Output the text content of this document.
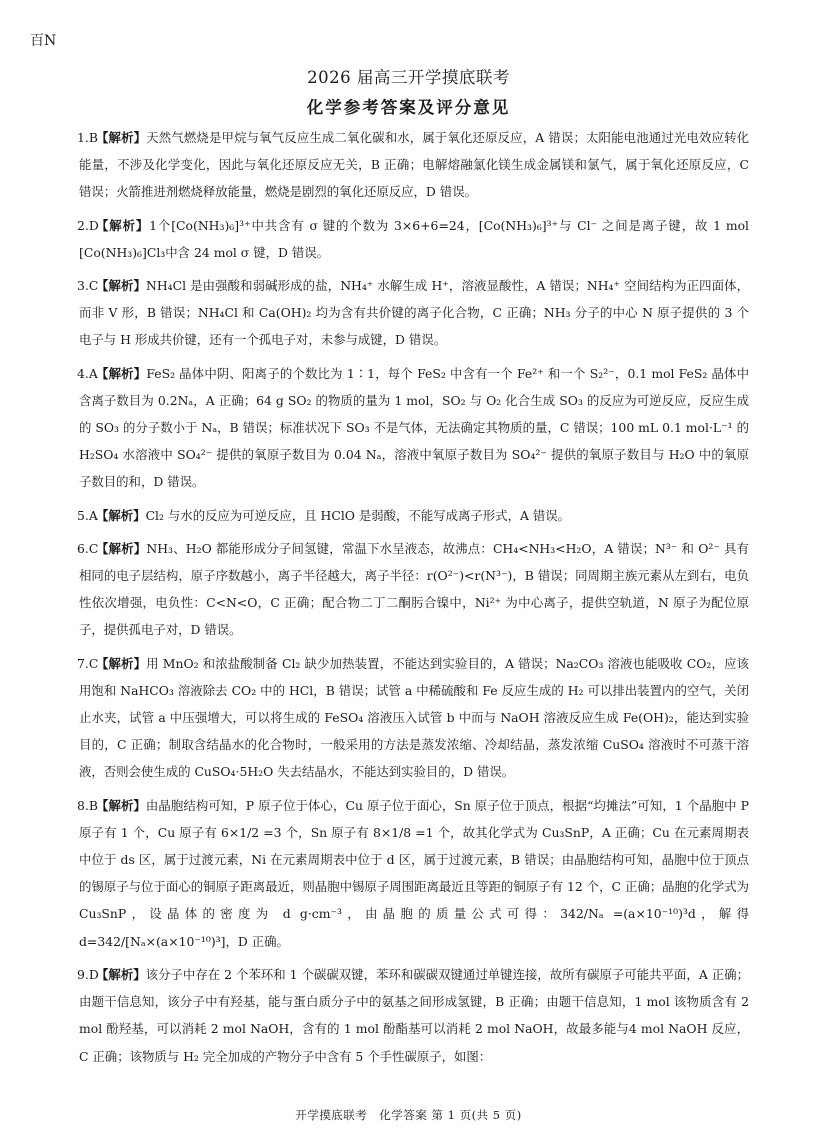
百N
2026 届高三开学摸底联考
化学参考答案及评分意见
1.B
【解析】天然气燃烧是甲烷与氧气反应生成二氧化碳和水，属于氧化还原反应，A 错误；太阳能电池通过光电效应转化能量，不涉及化学变化，因此与氧化还原反应无关，B 正确；电解熔融氯化镁生成金属镁和氯气，属于氧化还原反应，C 错误；火箭推进剂燃烧释放能量，燃烧是剧烈的氧化还原反应，D 错误。
2.D
【解析】1个[Co(NH₃)₆]³⁺中共含有 σ 键的个数为 3×6+6=24，[Co(NH₃)₆]³⁺与 Cl⁻ 之间是离子键，故 1 mol [Co(NH₃)₆]Cl₃中含 24 mol σ 键，D 错误。
3.C
【解析】NH₄Cl 是由强酸和弱碱形成的盐，NH₄⁺ 水解生成 H⁺，溶液显酸性，A 错误；NH₄⁺ 空间结构为正四面体，而非 V 形，B 错误；NH₄Cl 和 Ca(OH)₂ 均为含有共价键的离子化合物，C 正确；NH₃ 分子的中心 N 原子提供的 3 个电子与 H 形成共价键，还有一个孤电子对，未参与成键，D 错误。
4.A
【解析】FeS₂ 晶体中阴、阳离子的个数比为 1∶1，每个 FeS₂ 中含有一个 Fe²⁺ 和一个 S₂²⁻，0.1 mol FeS₂ 晶体中含离子数目为 0.2Nₐ，A 正确；64 g SO₂ 的物质的量为 1 mol，SO₂ 与 O₂ 化合生成 SO₃ 的反应为可逆反应，反应生成的 SO₃ 的分子数小于 Nₐ，B 错误；标准状况下 SO₃ 不是气体，无法确定其物质的量，C 错误；100 mL 0.1 mol·L⁻¹ 的 H₂SO₄ 水溶液中 SO₄²⁻ 提供的氧原子数目为 0.04 Nₐ，溶液中氧原子数目为 SO₄²⁻ 提供的氧原子数目与 H₂O 中的氧原子数目的和，D 错误。
5.A
【解析】Cl₂ 与水的反应为可逆反应，且 HClO 是弱酸，不能写成离子形式，A 错误。
6.C
【解析】NH₃、H₂O 都能形成分子间氢键，常温下水呈液态，故沸点：CH₄<NH₃<H₂O，A 错误；N³⁻ 和 O²⁻ 具有相同的电子层结构，原子序数越小，离子半径越大，离子半径：r(O²⁻)<r(N³⁻)，B 错误；同周期主族元素从左到右，电负性依次增强，电负性：C<N<O，C 正确；配合物二丁二酮肟合镍中，Ni²⁺ 为中心离子，提供空轨道，N 原子为配位原子，提供孤电子对，D 错误。
7.C
【解析】用 MnO₂ 和浓盐酸制备 Cl₂ 缺少加热装置，不能达到实验目的，A 错误；Na₂CO₃ 溶液也能吸收 CO₂，应该用饱和 NaHCO₃ 溶液除去 CO₂ 中的 HCl，B 错误；试管 a 中稀硫酸和 Fe 反应生成的 H₂ 可以排出装置内的空气，关闭止水夹，试管 a 中压强增大，可以将生成的 FeSO₄ 溶液压入试管 b 中而与 NaOH 溶液反应生成 Fe(OH)₂，能达到实验目的，C 正确；制取含结晶水的化合物时，一般采用的方法是蒸发浓缩、冷却结晶，蒸发浓缩 CuSO₄ 溶液时不可蒸干溶液，否则会使生成的 CuSO₄·5H₂O 失去结晶水，不能达到实验目的，D 错误。
8.B
【解析】由晶胞结构可知，P 原子位于体心，Cu 原子位于面心，Sn 原子位于顶点，根据“均摊法”可知，1 个晶胞中 P 原子有 1 个，Cu 原子有 6×1/2 =3 个，Sn 原子有 8×1/8 =1 个，故其化学式为 Cu₃SnP，A 正确；Cu 在元素周期表中位于 ds 区，属于过渡元素，Ni 在元素周期表中位于 d 区，属于过渡元素，B 错误；由晶胞结构可知，晶胞中位于顶点的锡原子与位于面心的铜原子距离最近，则晶胞中锡原子周围距离最近且等距的铜原子有 12 个，C 正确；晶胞的化学式为 Cu₃SnP，设晶体的密度为 d g·cm⁻³，由晶胞的质量公式可得：342/Nₐ =(a×10⁻¹⁰)³d，解得 d=342/[Nₐ×(a×10⁻¹⁰)³]，D 正确。
9.D
【解析】该分子中存在 2 个苯环和 1 个碳碳双键，苯环和碳碳双键通过单键连接，故所有碳原子可能共平面，A 正确；由题干信息知，该分子中有羟基，能与蛋白质分子中的氨基之间形成氢键，B 正确；由题干信息知，1 mol 该物质含有 2 mol 酚羟基，可以消耗 2 mol NaOH，含有的 1 mol 酚酯基可以消耗 2 mol NaOH，故最多能与4 mol NaOH 反应，C 正确；该物质与 H₂ 完全加成的产物分子中含有 5 个手性碳原子，如图：
开学摸底联考　化学答案 第 1 页(共 5 页)
